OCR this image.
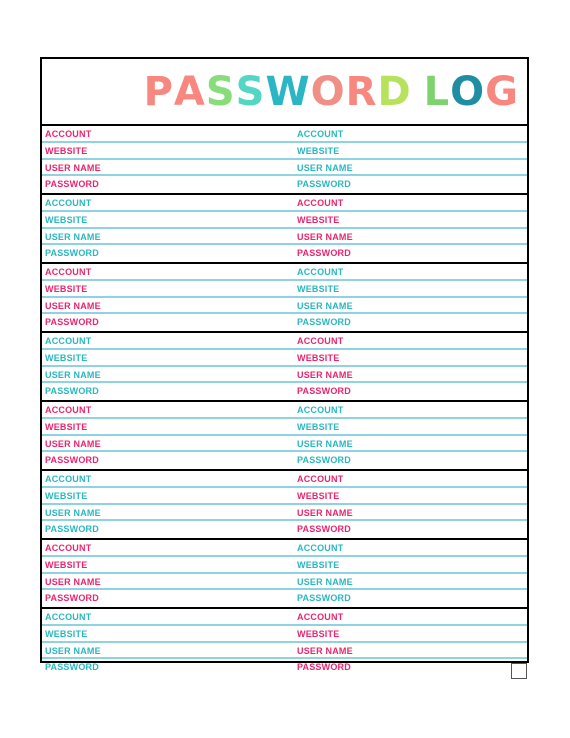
PASSWORD LOG
ACCOUNT	ACCOUNT
WEBSITE	WEBSITE
USER NAME	USER NAME
PASSWORD	PASSWORD
ACCOUNT	ACCOUNT
WEBSITE	WEBSITE
USER NAME	USER NAME
PASSWORD	PASSWORD
ACCOUNT	ACCOUNT
WEBSITE	WEBSITE
USER NAME	USER NAME
PASSWORD	PASSWORD
ACCOUNT	ACCOUNT
WEBSITE	WEBSITE
USER NAME	USER NAME
PASSWORD	PASSWORD
ACCOUNT	ACCOUNT
WEBSITE	WEBSITE
USER NAME	USER NAME
PASSWORD	PASSWORD
ACCOUNT	ACCOUNT
WEBSITE	WEBSITE
USER NAME	USER NAME
PASSWORD	PASSWORD
ACCOUNT	ACCOUNT
WEBSITE	WEBSITE
USER NAME	USER NAME
PASSWORD	PASSWORD
ACCOUNT	ACCOUNT
WEBSITE	WEBSITE
USER NAME	USER NAME
PASSWORD	PASSWORD
